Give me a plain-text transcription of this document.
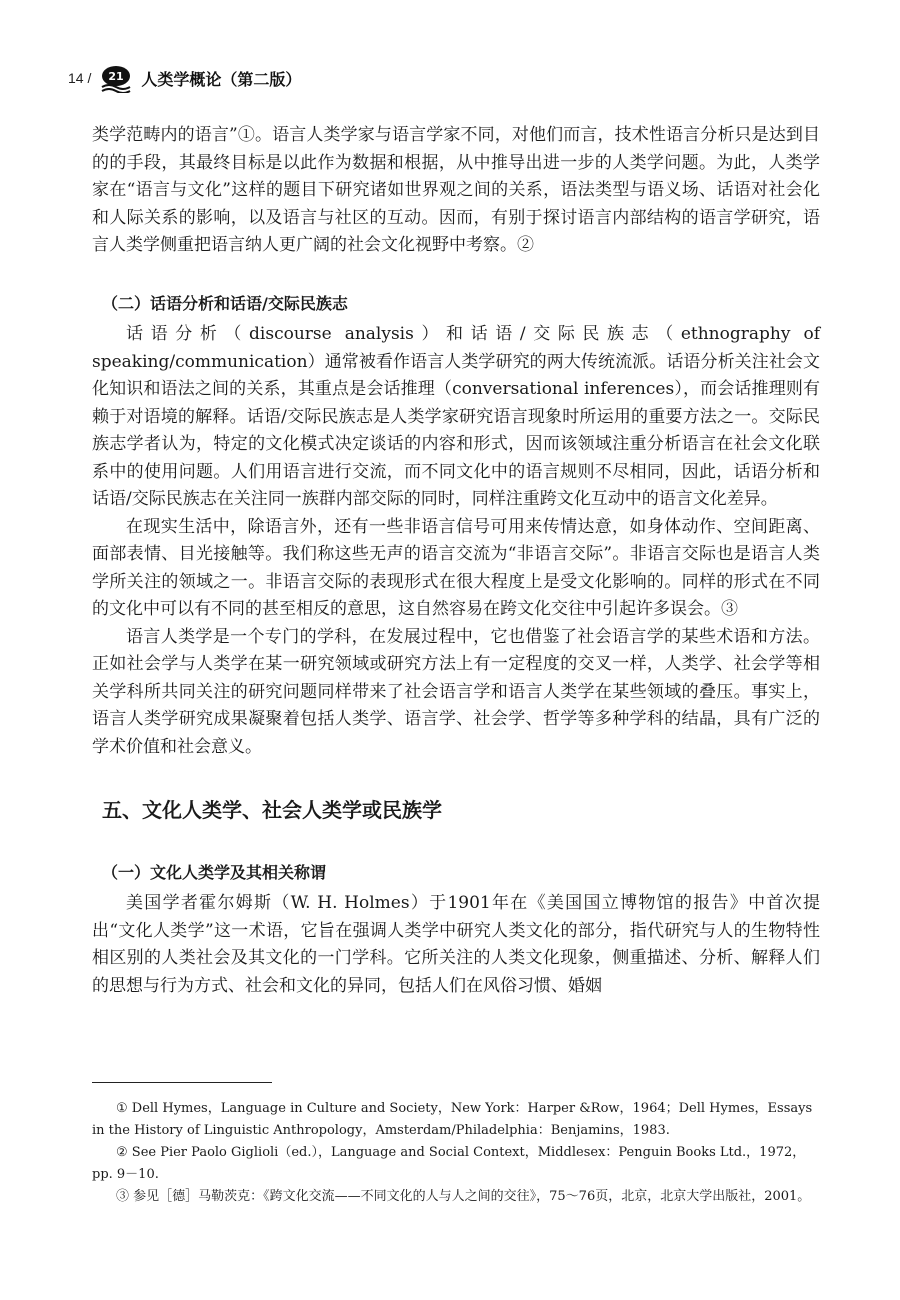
14 / 21 人类学概论（第二版）

类学范畴内的语言”①。语言人类学家与语言学家不同，对他们而言，技术性语言分析只是达到目的的手段，其最终目标是以此作为数据和根据，从中推导出进一步的人类学问题。为此，人类学家在“语言与文化”这样的题目下研究诸如世界观之间的关系，语法类型与语义场、话语对社会化和人际关系的影响，以及语言与社区的互动。因而，有别于探讨语言内部结构的语言学研究，语言人类学侧重把语言纳人更广阔的社会文化视野中考察。②

（二）话语分析和话语/交际民族志

话语分析（discourse analysis）和话语/交际民族志（ethnography of speaking/communication）通常被看作语言人类学研究的两大传统流派。话语分析关注社会文化知识和语法之间的关系，其重点是会话推理（conversational inferences），而会话推理则有赖于对语境的解释。话语/交际民族志是人类学家研究语言现象时所运用的重要方法之一。交际民族志学者认为，特定的文化模式决定谈话的内容和形式，因而该领域注重分析语言在社会文化联系中的使用问题。人们用语言进行交流，而不同文化中的语言规则不尽相同，因此，话语分析和话语/交际民族志在关注同一族群内部交际的同时，同样注重跨文化互动中的语言文化差异。

在现实生活中，除语言外，还有一些非语言信号可用来传情达意，如身体动作、空间距离、面部表情、目光接触等。我们称这些无声的语言交流为“非语言交际”。非语言交际也是语言人类学所关注的领域之一。非语言交际的表现形式在很大程度上是受文化影响的。同样的形式在不同的文化中可以有不同的甚至相反的意思，这自然容易在跨文化交往中引起许多误会。③

语言人类学是一个专门的学科，在发展过程中，它也借鉴了社会语言学的某些术语和方法。正如社会学与人类学在某一研究领域或研究方法上有一定程度的交叉一样，人类学、社会学等相关学科所共同关注的研究问题同样带来了社会语言学和语言人类学在某些领域的叠压。事实上，语言人类学研究成果凝聚着包括人类学、语言学、社会学、哲学等多种学科的结晶，具有广泛的学术价值和社会意义。

五、文化人类学、社会人类学或民族学
（一）文化人类学及其相关称谓

美国学者霍尔姆斯（W. H. Holmes）于1901年在《美国国立博物馆的报告》中首次提出“文化人类学”这一术语，它旨在强调人类学中研究人类文化的部分，指代研究与人的生物特性相区别的人类社会及其文化的一门学科。它所关注的人类文化现象，侧重描述、分析、解释人们的思想与行为方式、社会和文化的异同，包括人们在风俗习惯、婚姻

① Dell Hymes，Language in Culture and Society，New York：Harper &Row，1964；Dell Hymes，Essays in the History of Linguistic Anthropology，Amsterdam/Philadelphia：Benjamins，1983.
② See Pier Paolo Giglioli（ed.），Language and Social Context，Middlesex：Penguin Books Ltd.，1972，pp. 9－10.
③ 参见［德］马勒茨克：《跨文化交流——不同文化的人与人之间的交往》，75～76页，北京，北京大学出版社，2001。
